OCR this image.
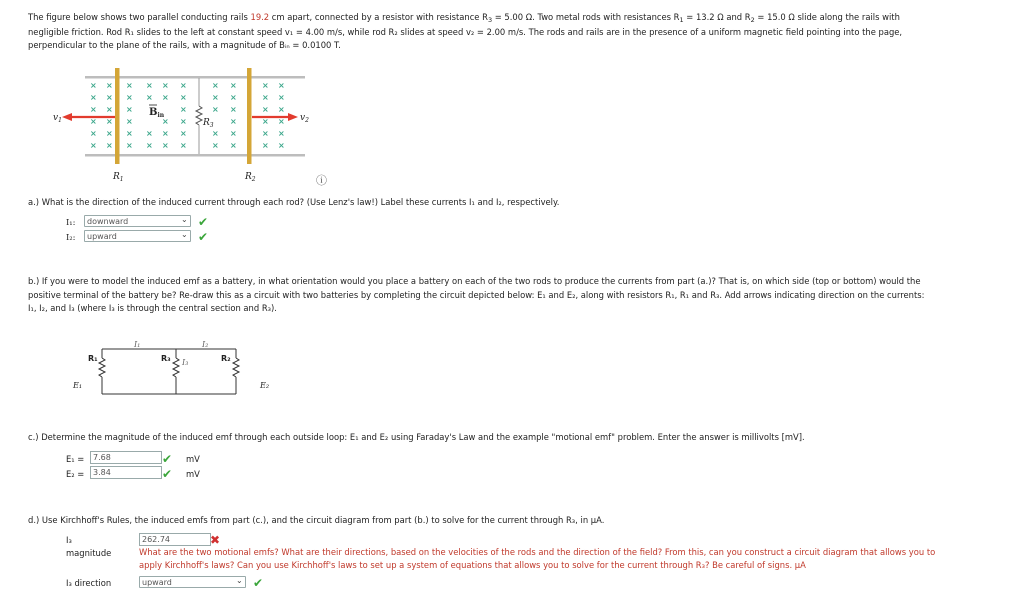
The figure below shows two parallel conducting rails 19.2 cm apart, connected by a resistor with resistance $R_3 = 5.00$ Ω. Two metal rods with resistances $R_1 = 13.2$ Ω and $R_2 = 15.0$ Ω slide along the rails with
negligible friction. Rod R₁ slides to the left at constant speed v₁ = 4.00 m/s, while rod R₂ slides at speed v₂ = 2.00 m/s. The rods and rails are in the presence of a uniform magnetic field pointing into the page,
perpendicular to the plane of the rails, with a magnitude of Bᵢₙ = 0.0100 T.
× × × × × ×	× ×	× ×
× × × × × ×	× ×	× ×
× × ×	×	× ×	× ×
× × ×	× ×	×	× ×
× × × × × ×	× ×	× ×
× × × × × ×	× ×	× ×
$v_1$	$v_2$
$B_{in}$
$R_3$
$R_1$	$R_2$	ⓘ
a.) What is the direction of the induced current through each rod? (Use Lenz's law!) Label these currents I₁ and I₂, respectively.
I₁:
downward	✔
I₂:
upward	✔
b.) If you were to model the induced emf as a battery, in what orientation would you place a battery on each of the two rods to produce the currents from part (a.)? That is, on which side (top or bottom) would the
positive terminal of the battery be? Re-draw this as a circuit with two batteries by completing the circuit depicted below: E₁ and E₂, along with resistors R₁, R₁ and R₃. Add arrows indicating direction on the currents:
I₁, I₂, and I₃ (where I₃ is through the central section and R₃).
R₁	R₃	R₂
I₁	I₂
I₃
E₁	E₂
c.) Determine the magnitude of the induced emf through each outside loop: E₁ and E₂ using Faraday's Law and the example "motional emf" problem. Enter the answer is millivolts [mV].
E₁ =
7.68	✔ mV
E₂ =
3.84	✔ mV
d.) Use Kirchhoff's Rules, the induced emfs from part (c.), and the circuit diagram from part (b.) to solve for the current through R₃, in μA.
I₃
magnitude
262.74
✖
What are the two motional emfs? What are their directions, based on the velocities of the rods and the direction of the field? From this, can you construct a circuit diagram that allows you to
apply Kirchhoff's laws? Can you use Kirchhoff's laws to set up a system of equations that allows you to solve for the current through R₃? Be careful of signs. μA
I₃ direction
upward	✔
